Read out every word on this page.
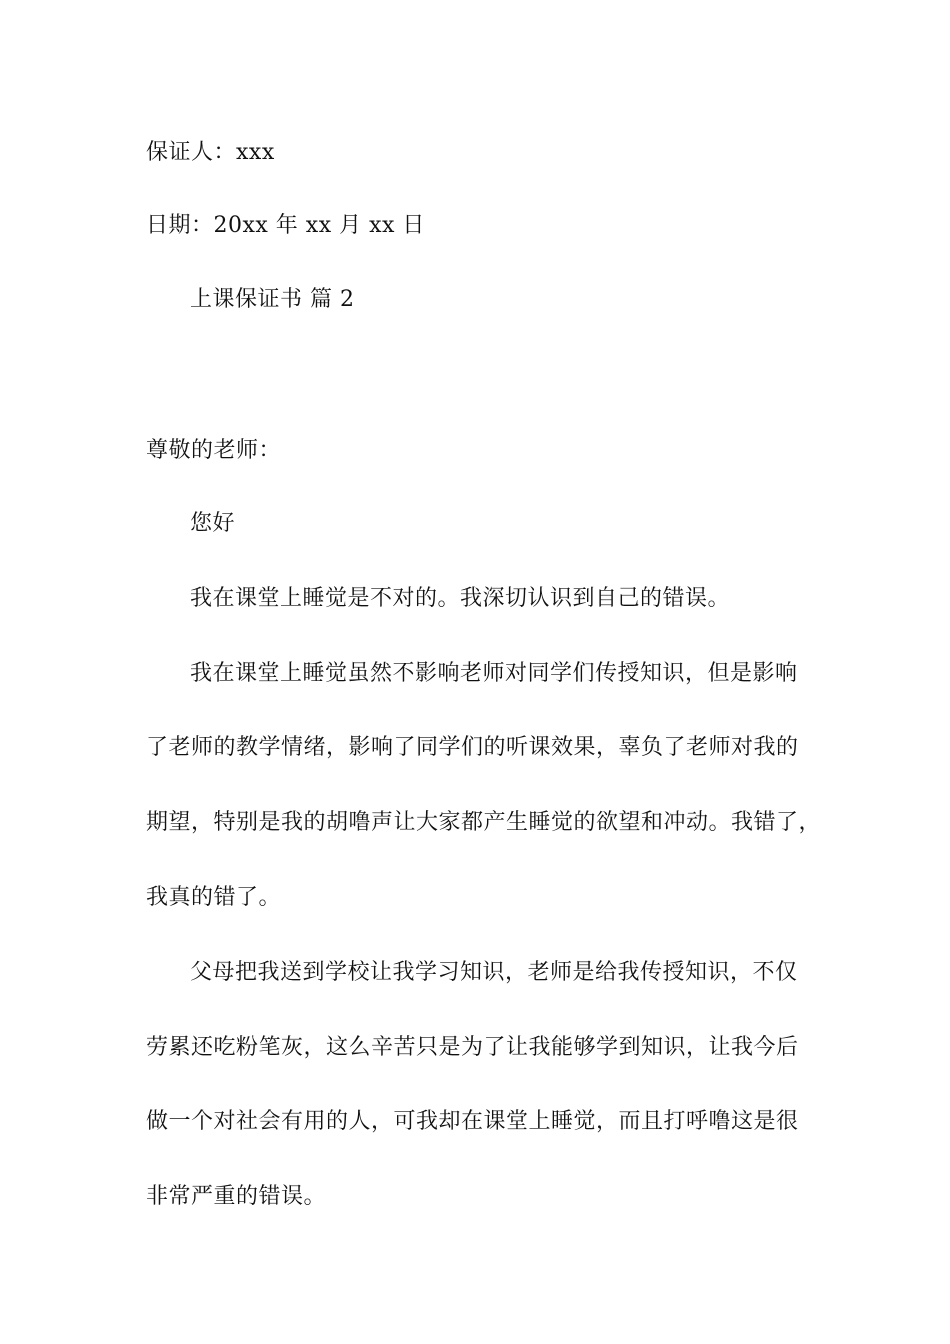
保证人：xxx
日期：20xx 年 xx 月 xx 日
上课保证书 篇 2
尊敬的老师：
您好
我在课堂上睡觉是不对的。我深切认识到自己的错误。
我在课堂上睡觉虽然不影响老师对同学们传授知识，但是影响
了老师的教学情绪，影响了同学们的听课效果，辜负了老师对我的
期望，特别是我的胡噜声让大家都产生睡觉的欲望和冲动。我错了，
我真的错了。
父母把我送到学校让我学习知识，老师是给我传授知识，不仅
劳累还吃粉笔灰，这么辛苦只是为了让我能够学到知识，让我今后
做一个对社会有用的人，可我却在课堂上睡觉，而且打呼噜这是很
非常严重的错误。
